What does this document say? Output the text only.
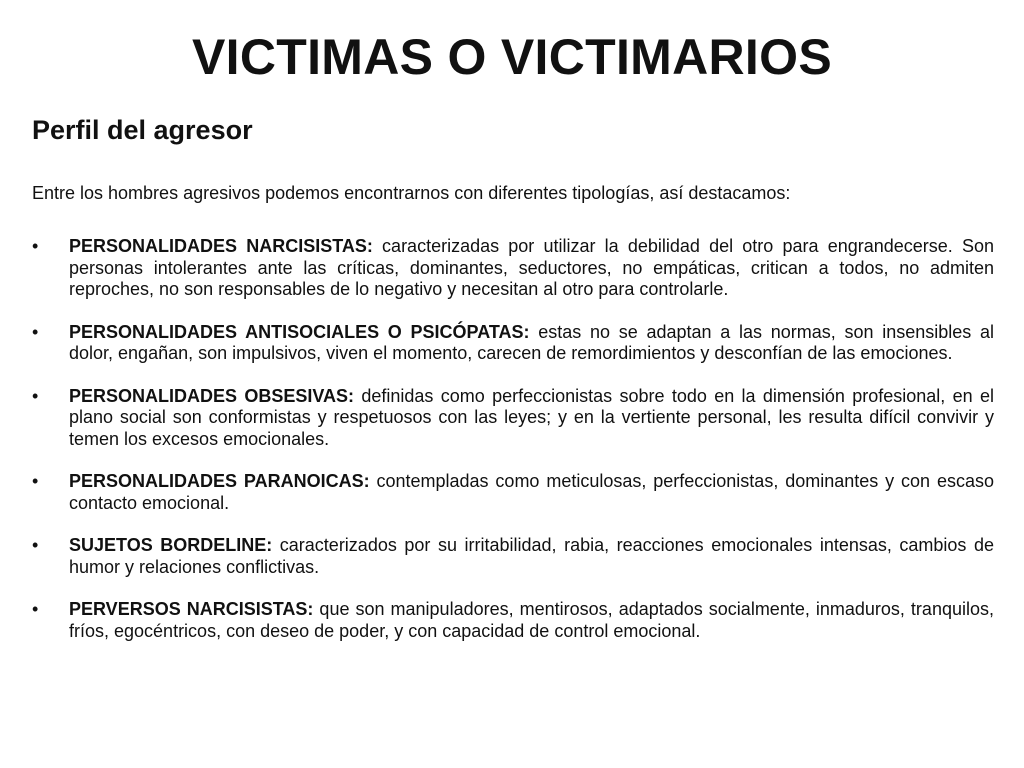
VICTIMAS O VICTIMARIOS
Perfil del agresor

Entre los hombres agresivos podemos encontrarnos con diferentes tipologías, así destacamos:

•	PERSONALIDADES NARCISISTAS: caracterizadas por utilizar la debilidad del otro para engrandecerse. Son personas intolerantes ante las críticas, dominantes, seductores, no empáticas, critican a todos, no admiten reproches, no son responsables de lo negativo y necesitan al otro para controlarle.
•	PERSONALIDADES ANTISOCIALES O PSICÓPATAS: estas no se adaptan a las normas, son insensibles al dolor, engañan, son impulsivos, viven el momento, carecen de remordimientos y desconfían de las emociones.
•	PERSONALIDADES OBSESIVAS: definidas como perfeccionistas sobre todo en la dimensión profesional, en el plano social son conformistas y respetuosos con las leyes; y en la vertiente personal, les resulta difícil convivir y temen los excesos emocionales.
•	PERSONALIDADES PARANOICAS: contempladas como meticulosas, perfeccionistas, dominantes y con escaso contacto emocional.
•	SUJETOS BORDELINE: caracterizados por su irritabilidad, rabia, reacciones emocionales intensas, cambios de humor y relaciones conflictivas.
•	PERVERSOS NARCISISTAS: que son manipuladores, mentirosos, adaptados socialmente, inmaduros, tranquilos, fríos, egocéntricos, con deseo de poder, y con capacidad de control emocional.
